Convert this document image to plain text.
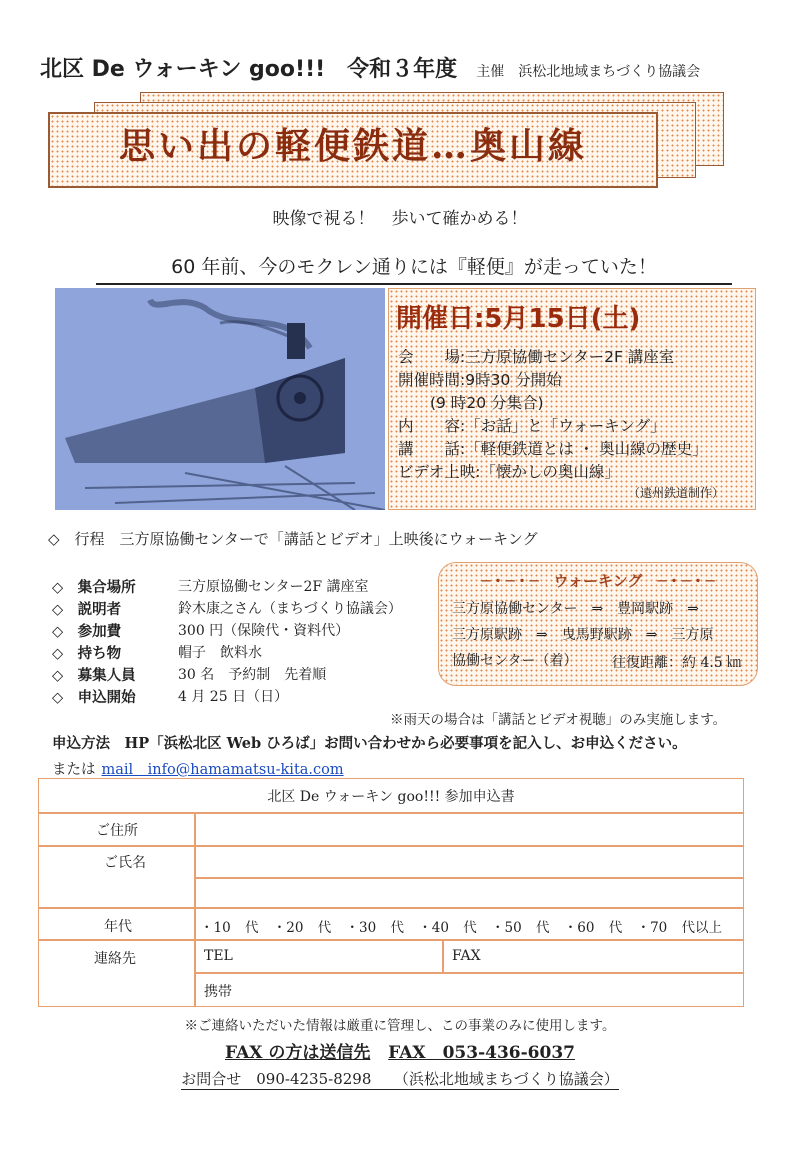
北区 De ウォーキン goo!!!　令和３年度 主催　浜松北地域まちづくり協議会
思い出の軽便鉄道…奥山線
映像で視る！　歩いて確かめる！
60 年前、今のモクレン通りには『軽便』が走っていた！
開催日:5月15日(土)
会　　場:三方原協働センター2F 講座室
開催時間:9時30 分開始
(9 時20 分集合)
内　　容:「お話」と「ウォーキング」
講　　話:「軽便鉄道とは ・ 奥山線の歴史」
ビデオ上映:「懐かしの奥山線」
（遠州鉄道制作）
◇　行程　三方原協働センターで「講話とビデオ」上映後にウォーキング
◇　集合場所	三方原協働センター2F 講座室
◇　説明者	鈴木康之さん（まちづくり協議会）
◇　参加費	300 円（保険代・資料代）
◇　持ち物	帽子　飲料水
◇　募集人員	30 名　予約制　先着順
◇　申込開始	4 月 25 日（日）
─・─・─　ウォーキング　─・─・─
三方原協働センター　⇒　豊岡駅跡　⇒
三方原駅跡　⇒　曳馬野駅跡　⇒　三方原
協働センター（着） 往復距離：約 4.5 ㎞
※雨天の場合は「講話とビデオ視聴」のみ実施します。
申込方法　HP「浜松北区 Web ひろば」お問い合わせから必要事項を記入し、お申込ください。
または mail　info@hamamatsu-kita.com
北区 De ウォーキン goo!!! 参加申込書
ご住所
ご氏名
年代	・10 代 ・20 代 ・30 代 ・40 代 ・50 代 ・60 代 ・70 代以上
連絡先	TEL	FAX
携帯
※ご連絡いただいた情報は厳重に管理し、この事業のみに使用します。
FAX の方は送信先 FAX　053-436-6037
お問合せ　090-4235-8298　　（浜松北地域まちづくり協議会）
